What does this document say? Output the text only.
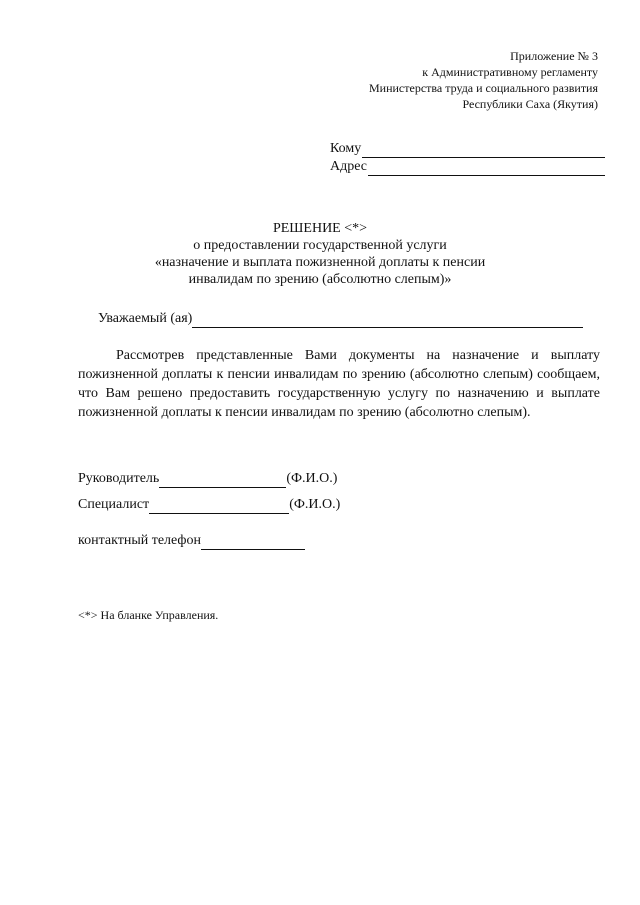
Приложение № 3
к Административному регламенту
Министерства труда и социального развития
Республики Саха (Якутия)
Кому
Адрес
РЕШЕНИЕ <*>
о предоставлении государственной услуги
«назначение и выплата пожизненной доплаты к пенсии
инвалидам по зрению (абсолютно слепым)»
Уважаемый (ая)
Рассмотрев представленные Вами документы на назначение и выплату пожизненной доплаты к пенсии инвалидам по зрению (абсолютно слепым) сообщаем, что Вам решено предоставить государственную услугу по назначению и выплате пожизненной доплаты к пенсии инвалидам по зрению (абсолютно слепым).
Руководитель	(Ф.И.О.)
Специалист	(Ф.И.О.)
контактный телефон
<*> На бланке Управления.
